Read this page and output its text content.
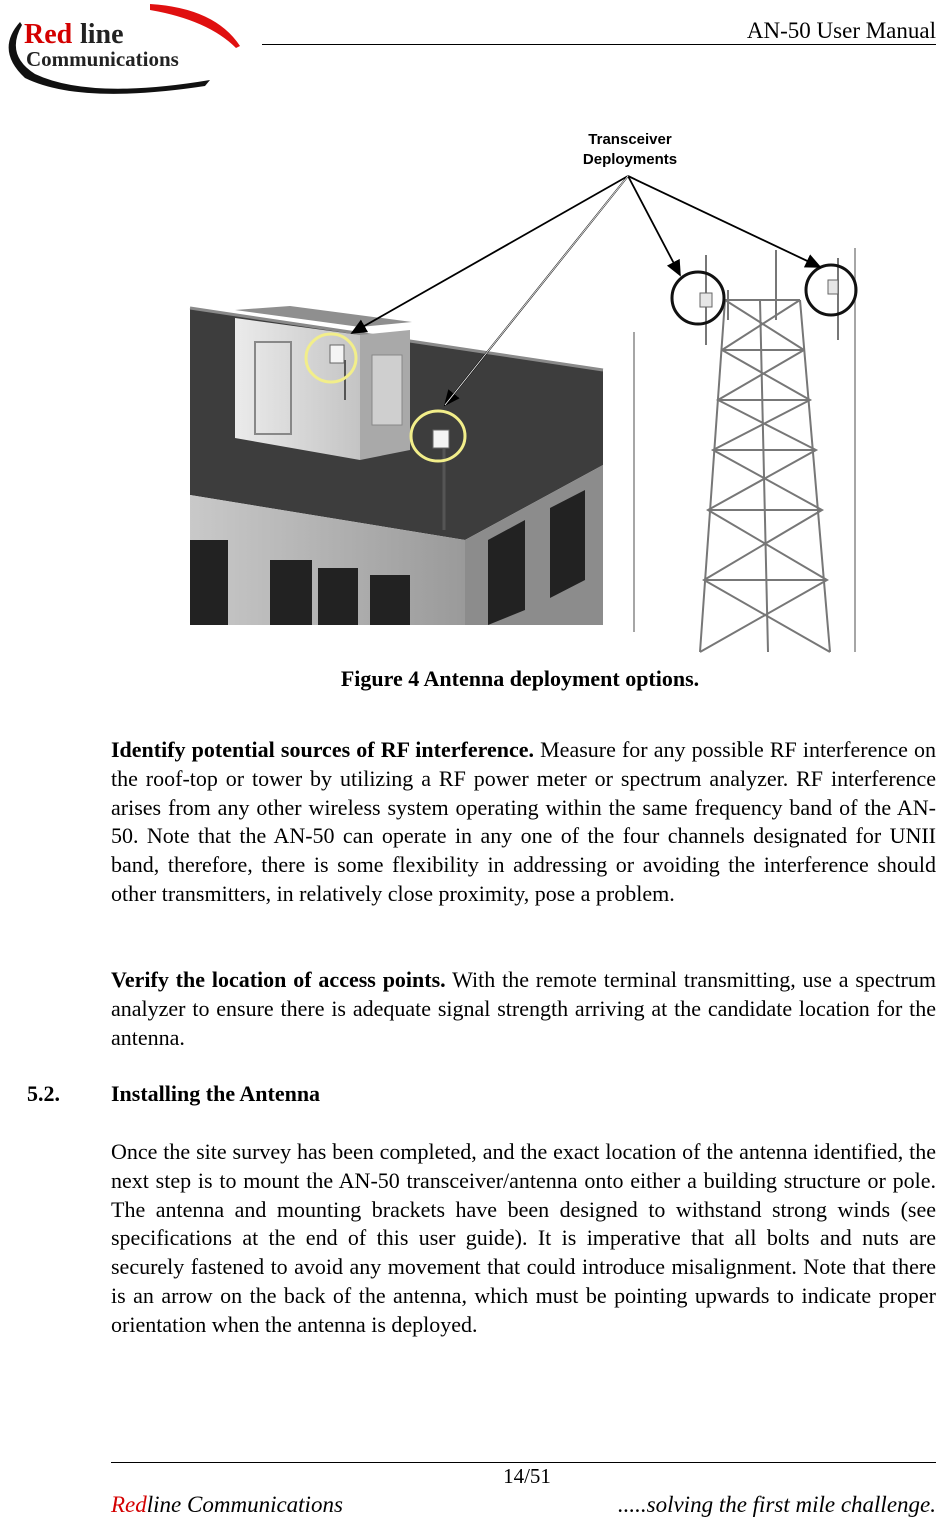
Red line
Communications
AN-50 User Manual
Transceiver
Deployments
Figure 4 Antenna deployment options.
Identify potential sources of RF interference. Measure for any possible RF interference on the roof-top or tower by utilizing a RF power meter or spectrum analyzer. RF interference arises from any other wireless system operating within the same frequency band of the AN-50. Note that the AN-50 can operate in any one of the four channels designated for UNII band, therefore, there is some flexibility in addressing or avoiding the interference should other transmitters, in relatively close proximity, pose a problem.
Verify the location of access points. With the remote terminal transmitting, use a spectrum analyzer to ensure there is adequate signal strength arriving at the candidate location for the antenna.
5.2. Installing the Antenna
Once the site survey has been completed, and the exact location of the antenna identified, the next step is to mount the AN-50 transceiver/antenna onto either a building structure or pole. The antenna and mounting brackets have been designed to withstand strong winds (see specifications at the end of this user guide). It is imperative that all bolts and nuts are securely fastened to avoid any movement that could introduce misalignment. Note that there is an arrow on the back of the antenna, which must be pointing upwards to indicate proper orientation when the antenna is deployed.
14/51
Redline Communications	.....solving the first mile challenge.
